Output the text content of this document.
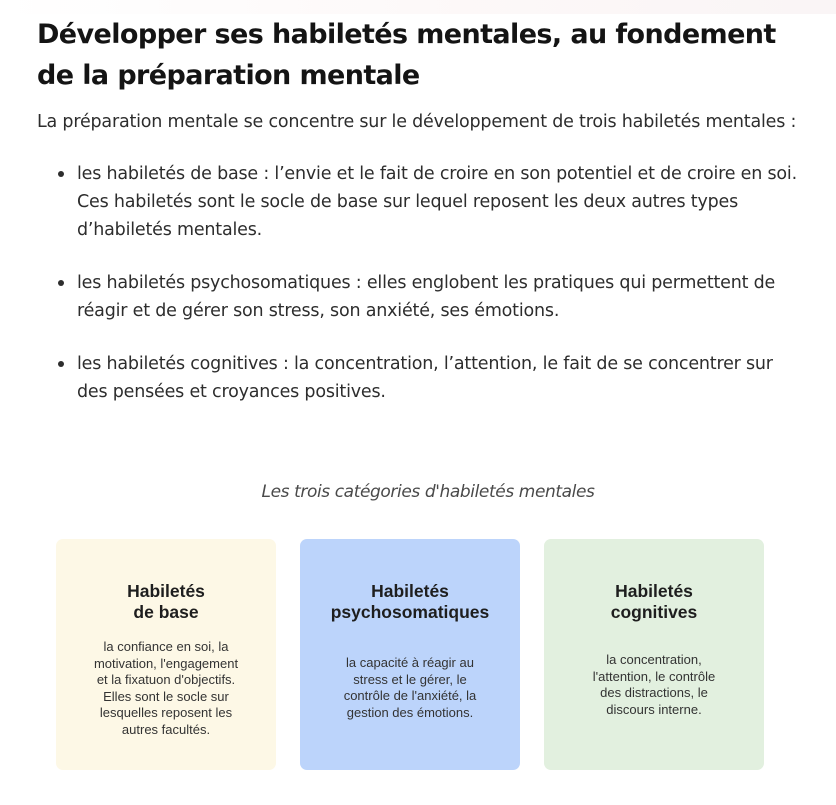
Développer ses habiletés mentales, au fondement
de la préparation mentale

La préparation mentale se concentre sur le développement de trois habiletés mentales :

les habiletés de base : l’envie et le fait de croire en son potentiel et de croire en soi. Ces habiletés sont le socle de base sur lequel reposent les deux autres types d’habiletés mentales.
les habiletés psychosomatiques : elles englobent les pratiques qui permettent de réagir et de gérer son stress, son anxiété, ses émotions.
les habiletés cognitives : la concentration, l’attention, le fait de se concentrer sur des pensées et croyances positives.
Les trois catégories d'habiletés mentales
Habiletés
de base
la confiance en soi, la
motivation, l'engagement
et la fixatuon d'objectifs.
Elles sont le socle sur
lesquelles reposent les
autres facultés.
Habiletés
psychosomatiques
la capacité à réagir au
stress et le gérer, le
contrôle de l'anxiété, la
gestion des émotions.
Habiletés
cognitives
la concentration,
l'attention, le contrôle
des distractions, le
discours interne.
